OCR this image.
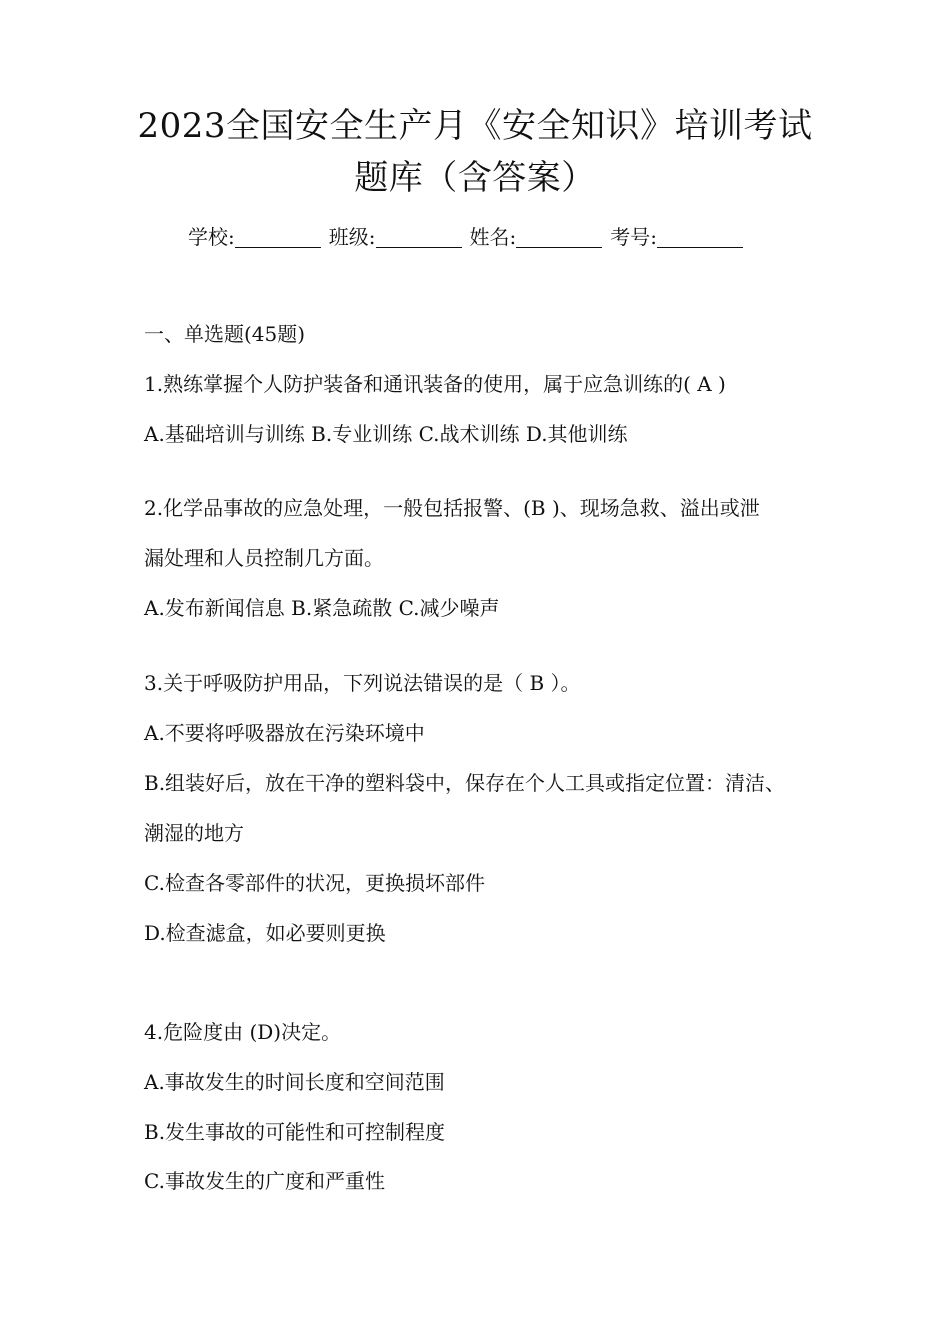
2023全国安全生产月《安全知识》培训考试
题库（含答案）
学校:	班级:	姓名:	考号:
一、单选题(45题)
1.熟练掌握个人防护装备和通讯装备的使用，属于应急训练的( A )
A.基础培训与训练 B.专业训练 C.战术训练 D.其他训练
2.化学品事故的应急处理，一般包括报警、(B )、现场急救、溢出或泄
漏处理和人员控制几方面。
A.发布新闻信息 B.紧急疏散 C.减少噪声
3.关于呼吸防护用品，下列说法错误的是（ B ）。
A.不要将呼吸器放在污染环境中
B.组装好后，放在干净的塑料袋中，保存在个人工具或指定位置：清洁、
潮湿的地方
C.检查各零部件的状况，更换损坏部件
D.检查滤盒，如必要则更换
4.危险度由 (D)决定。
A.事故发生的时间长度和空间范围
B.发生事故的可能性和可控制程度
C.事故发生的广度和严重性
